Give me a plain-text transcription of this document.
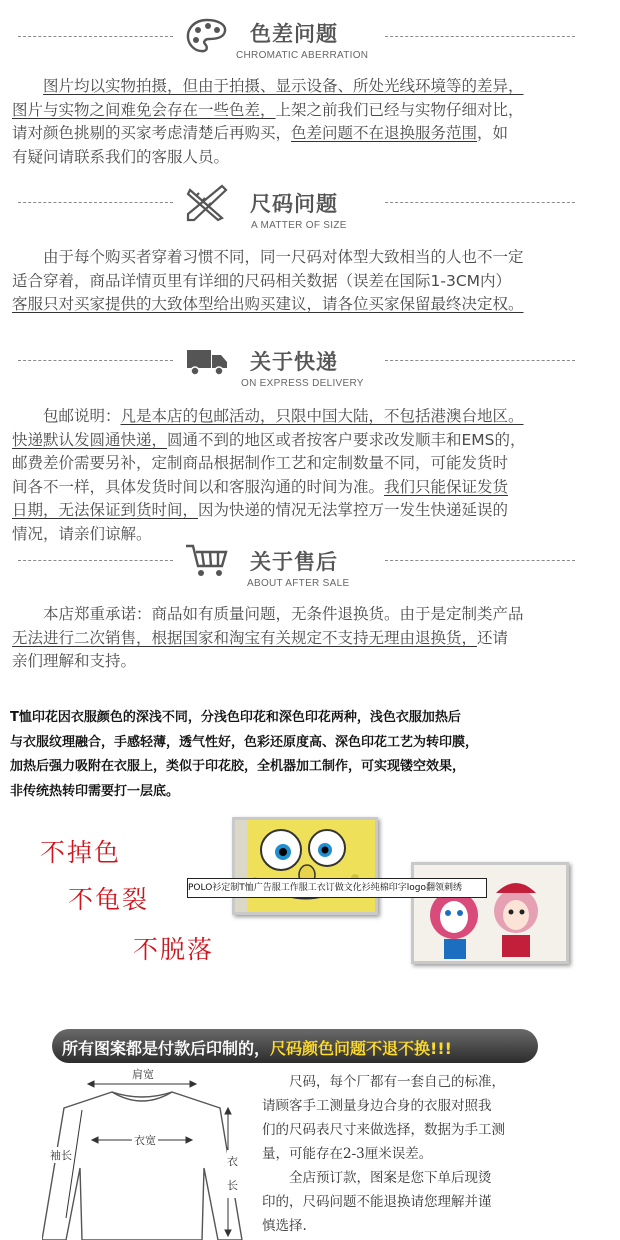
色差问题
CHROMATIC ABERRATION
尺码问题
A MATTER OF SIZE
关于快递
ON EXPRESS DELIVERY
关于售后
ABOUT AFTER SALE
图片均以实物拍摄，但由于拍摄、显示设备、所处光线环境等的差异，
图片与实物之间难免会存在一些色差，上架之前我们已经与实物仔细对比，
请对颜色挑剔的买家考虑清楚后再购买，色差问题不在退换服务范围，如
有疑问请联系我们的客服人员。
由于每个购买者穿着习惯不同，同一尺码对体型大致相当的人也不一定
适合穿着，商品详情页里有详细的尺码相关数据（误差在国际1-3CM内）
客服只对买家提供的大致体型给出购买建议，请各位买家保留最终决定权。
包邮说明：凡是本店的包邮活动，只限中国大陆，不包括港澳台地区。
快递默认发圆通快递，圆通不到的地区或者按客户要求改发顺丰和EMS的，
邮费差价需要另补，定制商品根据制作工艺和定制数量不同，可能发货时
间各不一样，具体发货时间以和客服沟通的时间为准。我们只能保证发货
日期，无法保证到货时间，因为快递的情况无法掌控万一发生快递延误的
情况，请亲们谅解。
本店郑重承诺：商品如有质量问题，无条件退换货。由于是定制类产品
无法进行二次销售，根据国家和淘宝有关规定不支持无理由退换货，还请
亲们理解和支持。
T恤印花因衣服颜色的深浅不同，分浅色印花和深色印花两种，浅色衣服加热后
与衣服纹理融合，手感轻薄，透气性好，色彩还原度高、深色印花工艺为转印膜，
加热后强力吸附在衣服上，类似于印花胶，全机器加工制作，可实现镂空效果，
非传统热转印需要打一层底。
不掉色
不龟裂
不脱落
POLO衫定制T恤广告服工作服工衣订做文化衫纯棉印字logo翻领刺绣
所有图案都是付款后印制的，尺码颜色问题不退不换!!!
肩宽
衣宽
袖长	衣长
　　尺码，每个厂都有一套自己的标准，
请顾客手工测量身边合身的衣服对照我
们的尺码表尺寸来做选择，数据为手工测
量，可能存在2-3厘米误差。
　　全店预订款，图案是您下单后现烫
印的，尺码问题不能退换请您理解并谨
慎选择.
